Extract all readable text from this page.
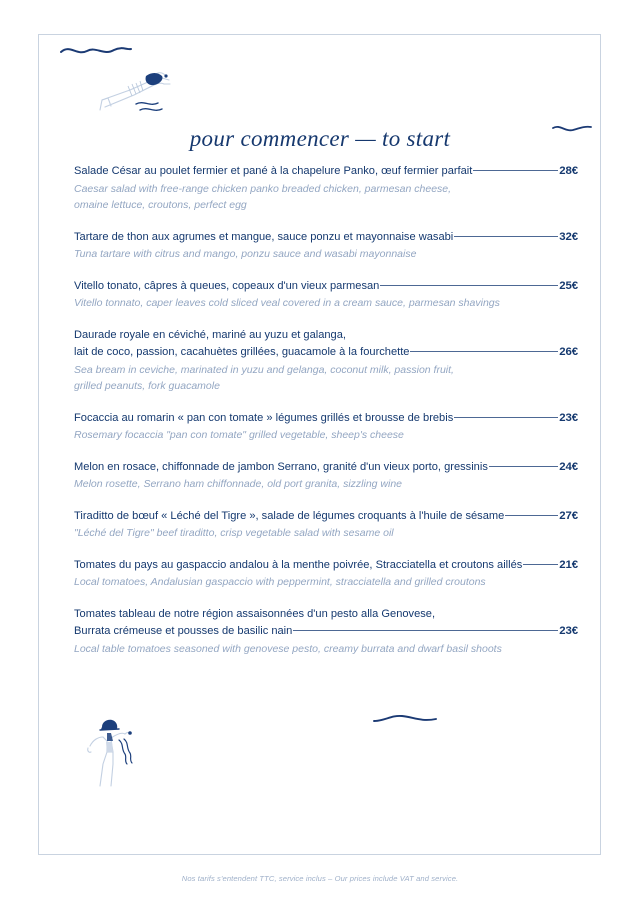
pour commencer — to start
Salade César au poulet fermier et pané à la chapelure Panko, œuf fermier parfait	28€
Caesar salad with free-range chicken panko breaded chicken, parmesan cheese,
omaine lettuce, croutons, perfect egg
Tartare de thon aux agrumes et mangue, sauce ponzu et mayonnaise wasabi	32€
Tuna tartare with citrus and mango, ponzu sauce and wasabi mayonnaise
Vitello tonato, câpres à queues, copeaux d'un vieux parmesan	25€
Vitello tonnato, caper leaves cold sliced veal covered in a cream sauce, parmesan shavings
Daurade royale en céviché, mariné au yuzu et galanga,
lait de coco, passion, cacahuètes grillées, guacamole à la fourchette	26€
Sea bream in ceviche, marinated in yuzu and gelanga, coconut milk, passion fruit,
grilled peanuts, fork guacamole
Focaccia au romarin « pan con tomate » légumes grillés et brousse de brebis	23€
Rosemary focaccia "pan con tomate" grilled vegetable, sheep's cheese
Melon en rosace, chiffonnade de jambon Serrano, granité d'un vieux porto, gressinis	24€
Melon rosette, Serrano ham chiffonnade, old port granita, sizzling wine
Tiraditto de bœuf « Léché del Tigre », salade de légumes croquants à l'huile de sésame	27€
"Léché del Tigre" beef tiraditto, crisp vegetable salad with sesame oil
Tomates du pays au gaspaccio andalou à la menthe poivrée, Stracciatella et croutons aillés	21€
Local tomatoes, Andalusian gaspaccio with peppermint, stracciatella and grilled croutons
Tomates tableau de notre région assaisonnées d'un pesto alla Genovese,
Burrata crémeuse et pousses de basilic nain	23€
Local table tomatoes seasoned with genovese pesto, creamy burrata and dwarf basil shoots
Nos tarifs s'entendent TTC, service inclus – Our prices include VAT and service.
